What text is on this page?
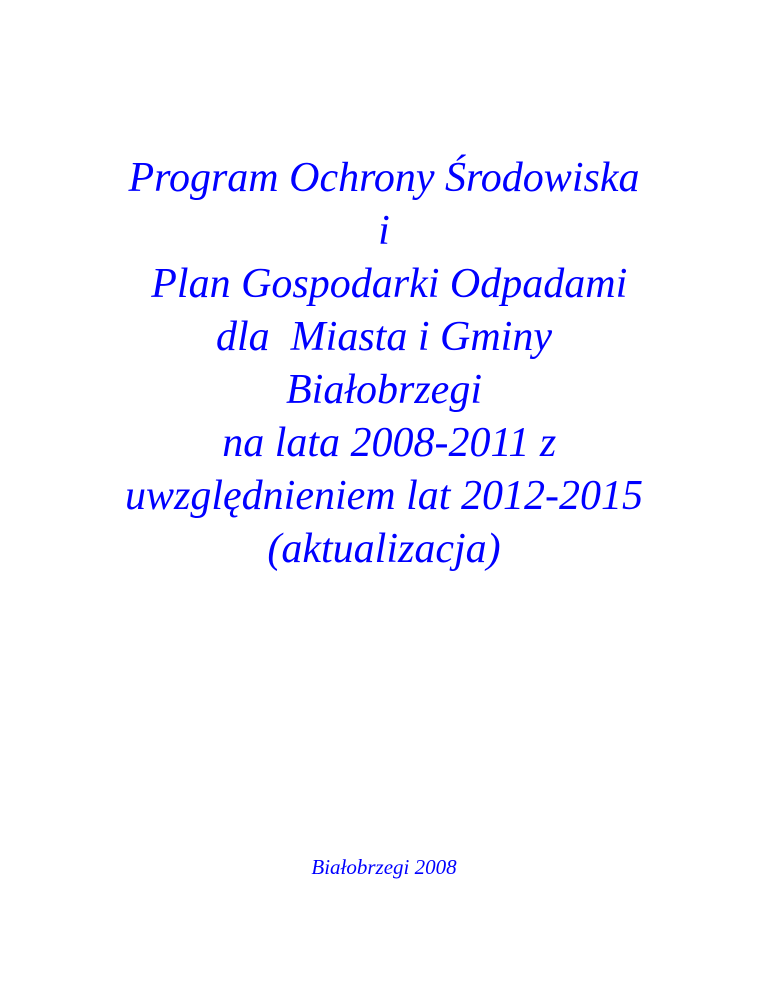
Program Ochrony Środowiska
i
Plan Gospodarki Odpadami
dla  Miasta i Gminy
Białobrzegi
na lata 2008-2011 z
uwzględnieniem lat 2012-2015
(aktualizacja)
Białobrzegi 2008
